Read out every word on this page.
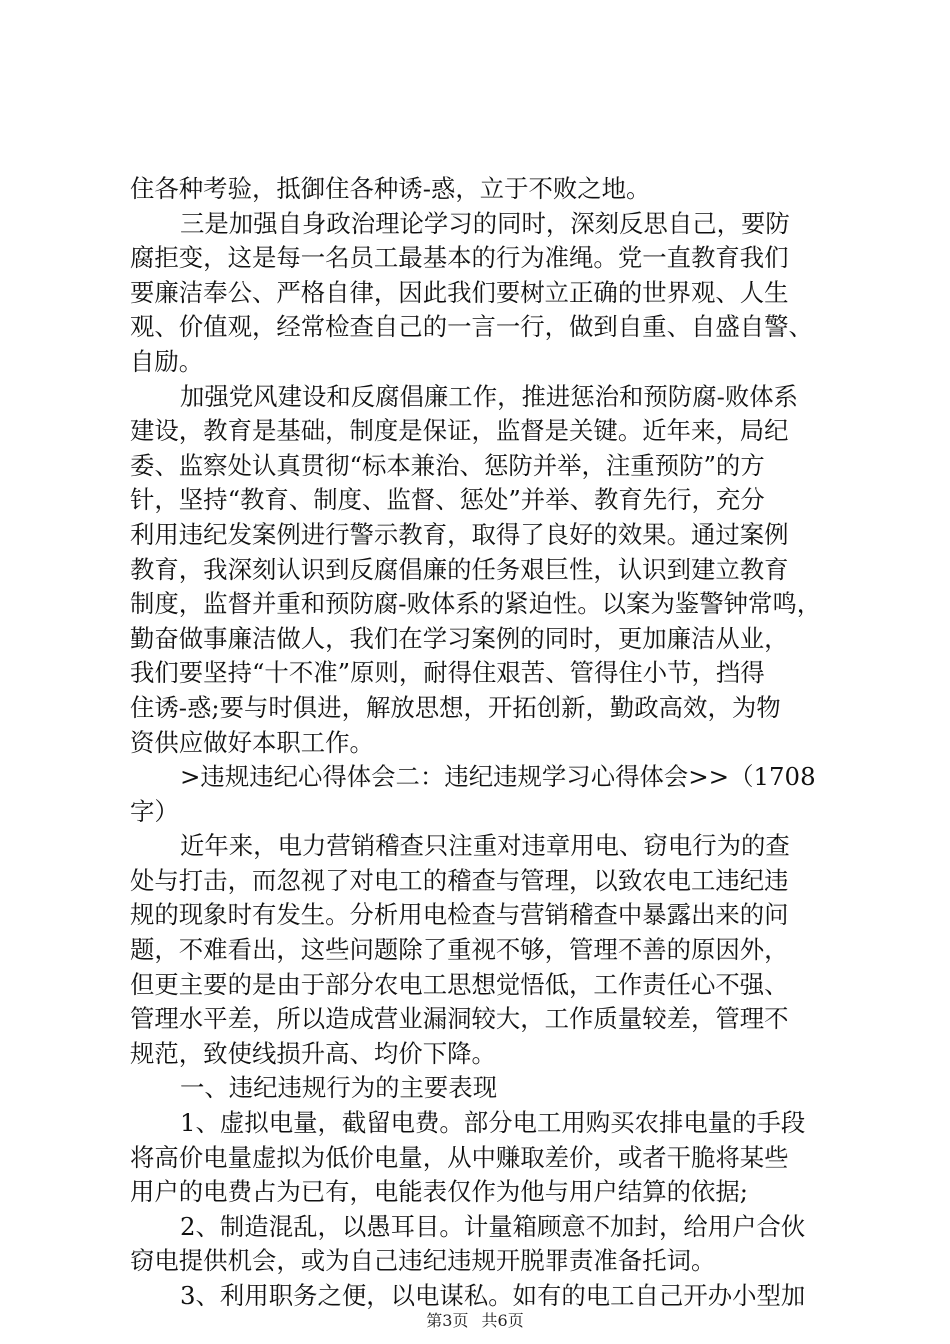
住各种考验，抵御住各种诱-惑，立于不败之地。
三是加强自身政治理论学习的同时，深刻反思自己，要防
腐拒变，这是每一名员工最基本的行为准绳。党一直教育我们
要廉洁奉公、严格自律，因此我们要树立正确的世界观、人生
观、价值观，经常检查自己的一言一行，做到自重、自盛自警、
自励。
加强党风建设和反腐倡廉工作，推进惩治和预防腐-败体系
建设，教育是基础，制度是保证，监督是关键。近年来，局纪
委、监察处认真贯彻“标本兼治、惩防并举，注重预防”的方
针，坚持“教育、制度、监督、惩处”并举、教育先行，充分
利用违纪发案例进行警示教育，取得了良好的效果。通过案例
教育，我深刻认识到反腐倡廉的任务艰巨性，认识到建立教育
制度，监督并重和预防腐-败体系的紧迫性。以案为鉴警钟常鸣，
勤奋做事廉洁做人，我们在学习案例的同时，更加廉洁从业，
我们要坚持“十不准”原则，耐得住艰苦、管得住小节，挡得
住诱-惑;要与时俱进，解放思想，开拓创新，勤政高效，为物
资供应做好本职工作。
>违规违纪心得体会二：违纪违规学习心得体会>>（1708
字）
近年来，电力营销稽查只注重对违章用电、窃电行为的查
处与打击，而忽视了对电工的稽查与管理，以致农电工违纪违
规的现象时有发生。分析用电检查与营销稽查中暴露出来的问
题，不难看出，这些问题除了重视不够，管理不善的原因外，
但更主要的是由于部分农电工思想觉悟低，工作责任心不强、
管理水平差，所以造成营业漏洞较大，工作质量较差，管理不
规范，致使线损升高、均价下降。
一、违纪违规行为的主要表现
1、虚拟电量，截留电费。部分电工用购买农排电量的手段
将高价电量虚拟为低价电量，从中赚取差价，或者干脆将某些
用户的电费占为已有，电能表仅作为他与用户结算的依据;
2、制造混乱，以愚耳目。计量箱顾意不加封，给用户合伙
窃电提供机会，或为自己违纪违规开脱罪责准备托词。
3、利用职务之便，以电谋私。如有的电工自己开办小型加
第3页 共6页
